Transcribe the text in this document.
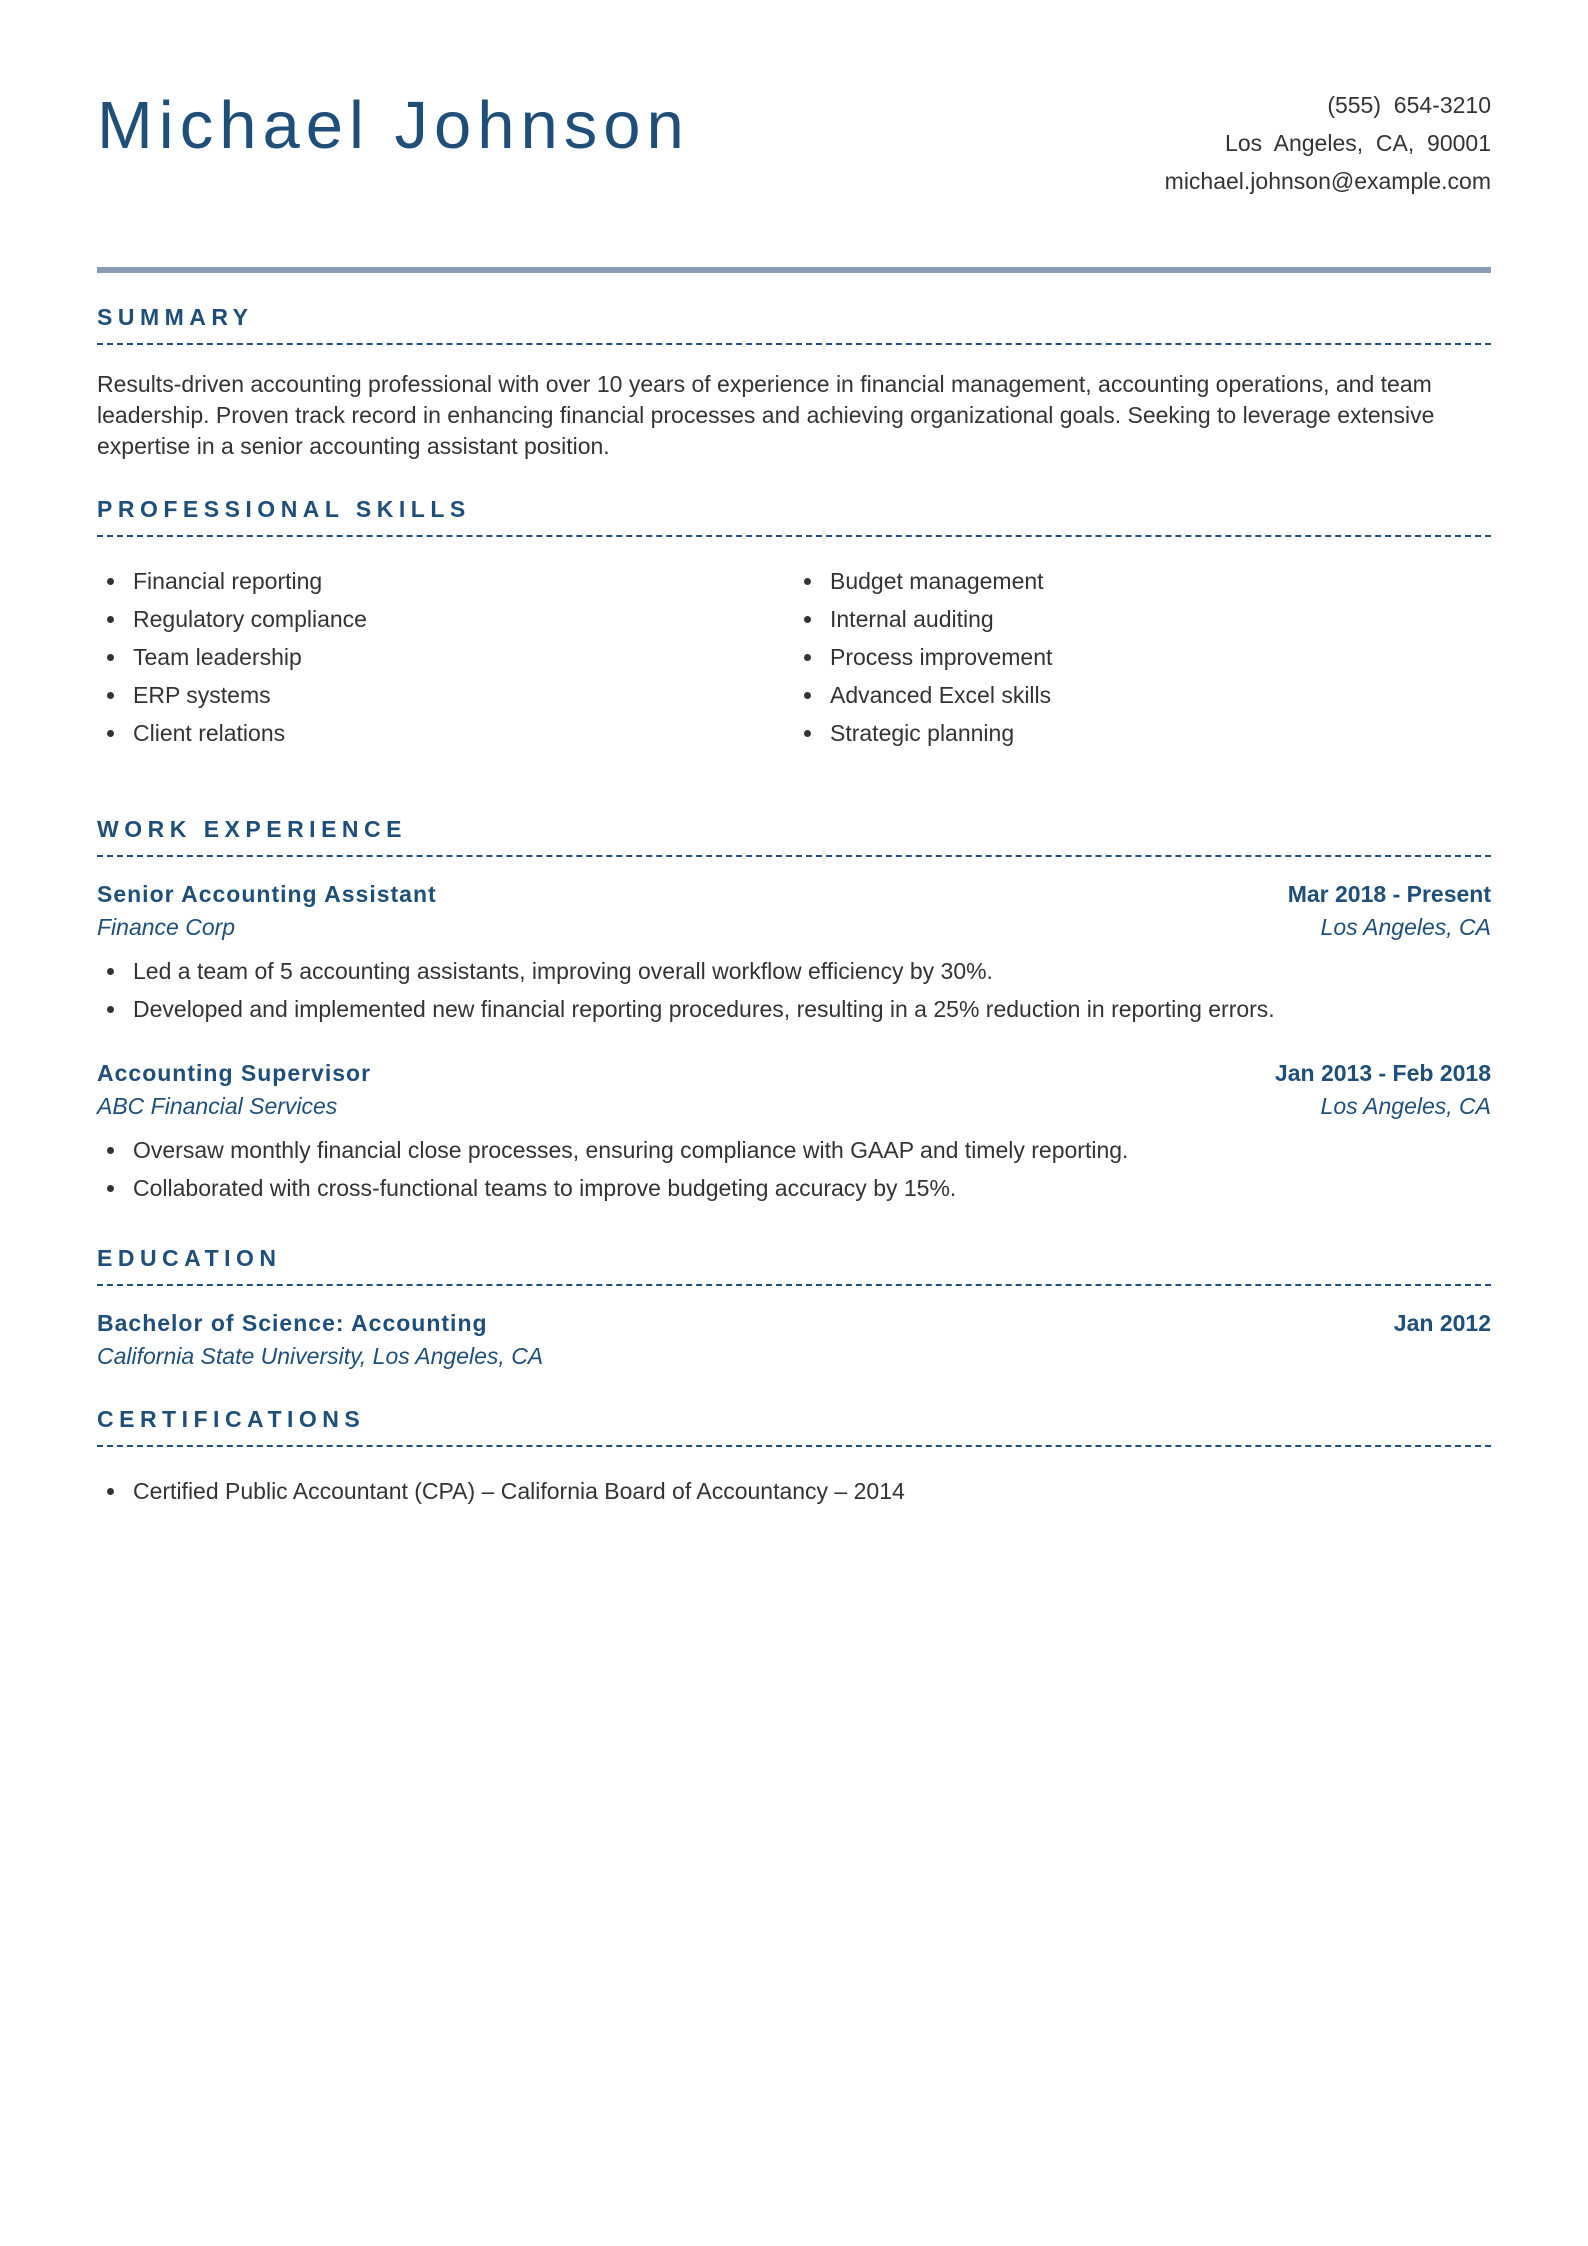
Michael Johnson	(555)  654-3210
Los  Angeles,  CA,  90001
michael.johnson@example.com
SUMMARY

Results-driven accounting professional with over 10 years of experience in financial management, accounting operations, and team leadership. Proven track record in enhancing financial processes and achieving organizational goals. Seeking to leverage extensive expertise in a senior accounting assistant position.

PROFESSIONAL SKILLS
Financial reporting
Regulatory compliance
Team leadership
ERP systems
Client relations
Budget management
Internal auditing
Process improvement
Advanced Excel skills
Strategic planning
WORK EXPERIENCE
Senior Accounting Assistant	Mar 2018 - Present
Finance Corp	Los Angeles, CA
Led a team of 5 accounting assistants, improving overall workflow efficiency by 30%.
Developed and implemented new financial reporting procedures, resulting in a 25% reduction in reporting errors.
Accounting Supervisor	Jan 2013 - Feb 2018
ABC Financial Services	Los Angeles, CA
Oversaw monthly financial close processes, ensuring compliance with GAAP and timely reporting.
Collaborated with cross-functional teams to improve budgeting accuracy by 15%.
EDUCATION
Bachelor of Science: Accounting	Jan 2012
California State University, Los Angeles, CA
CERTIFICATIONS
Certified Public Accountant (CPA) – California Board of Accountancy – 2014
